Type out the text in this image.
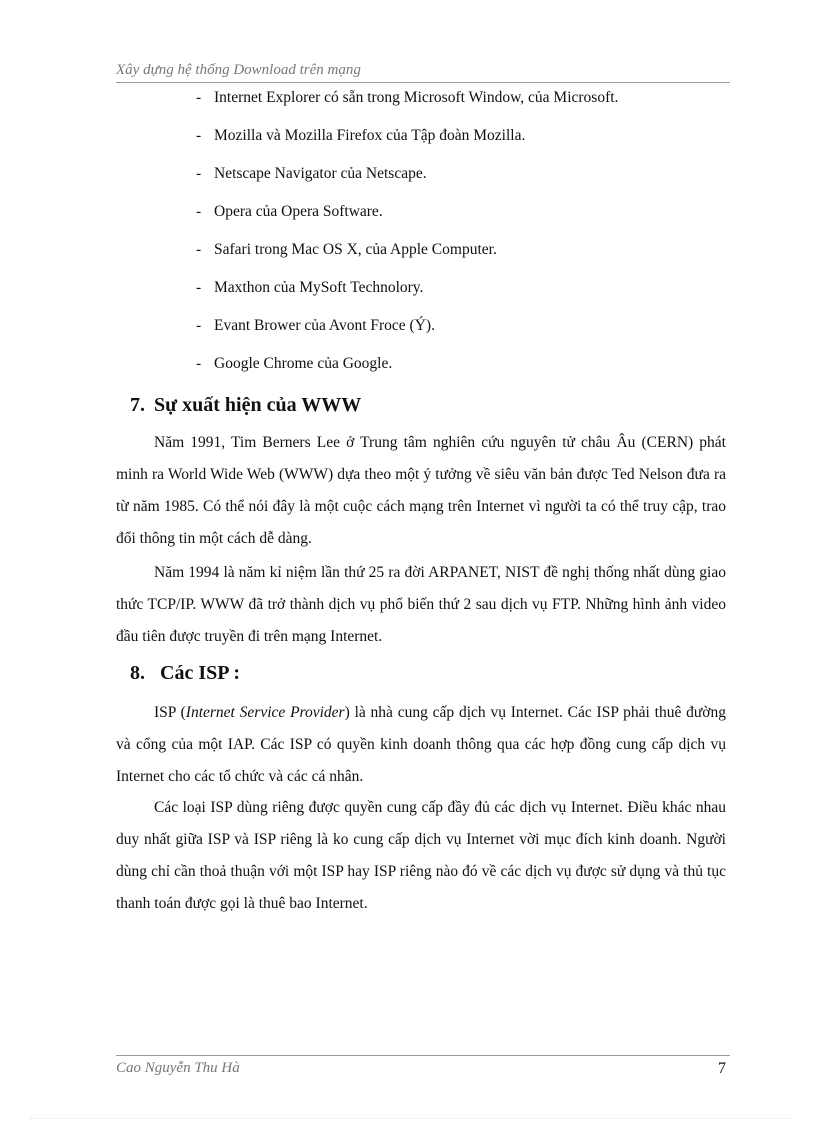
Xây dựng hệ thống Download trên mạng
- Internet Explorer có sẵn trong Microsoft Window, của Microsoft.
- Mozilla và Mozilla Firefox của Tập đoàn Mozilla.
- Netscape Navigator của Netscape.
- Opera của Opera Software.
- Safari trong Mac OS X, của Apple Computer.
- Maxthon của MySoft Technolory.
- Evant Brower của Avont Froce (Ý).
- Google Chrome của Google.
7. Sự xuất hiện của WWW

Năm 1991, Tim Berners Lee ở Trung tâm nghiên cứu nguyên tử châu Âu (CERN) phát minh ra World Wide Web (WWW) dựa theo một ý tưởng về siêu văn bản được Ted Nelson đưa ra từ năm 1985. Có thể nói đây là một cuộc cách mạng trên Internet vì người ta có thể truy cập, trao đổi thông tin một cách dễ dàng.

Năm 1994 là năm kỉ niệm lần thứ 25 ra đời ARPANET, NIST đề nghị thống nhất dùng giao thức TCP/IP. WWW đã trở thành dịch vụ phổ biến thứ 2 sau dịch vụ FTP. Những hình ảnh video đầu tiên được truyền đi trên mạng Internet.

8. Các ISP :

ISP (Internet Service Provider) là nhà cung cấp dịch vụ Internet. Các ISP phải thuê đường và cổng của một IAP. Các ISP có quyền kinh doanh thông qua các hợp đồng cung cấp dịch vụ Internet cho các tổ chức và các cá nhân.

Các loại ISP dùng riêng được quyền cung cấp đầy đủ các dịch vụ Internet. Điều khác nhau duy nhất giữa ISP và ISP riêng là ko cung cấp dịch vụ Internet vời mục đích kinh doanh. Người dùng chỉ cần thoả thuận với một ISP hay ISP riêng nào đó về các dịch vụ được sử dụng và thủ tục thanh toán được gọi là thuê bao Internet.

Cao Nguyễn Thu Hà	7
